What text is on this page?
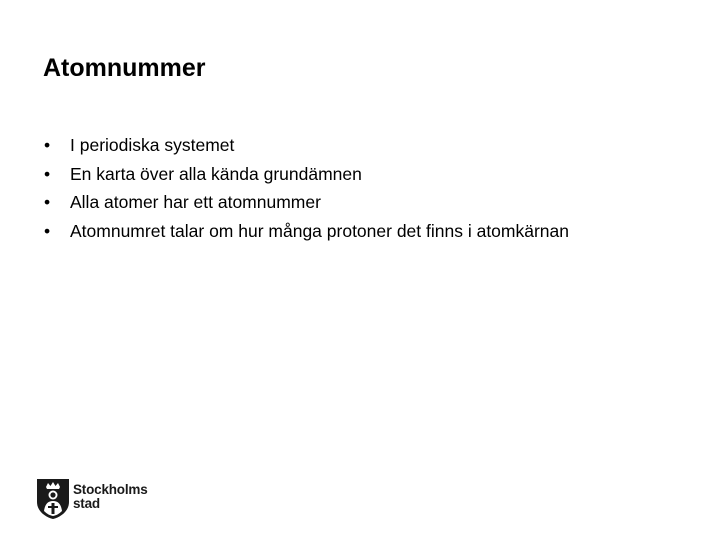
Atomnummer
•	I periodiska systemet
•	En karta över alla kända grundämnen
•	Alla atomer har ett atomnummer
•	Atomnumret talar om hur många protoner det finns i atomkärnan
Stockholms
stad
